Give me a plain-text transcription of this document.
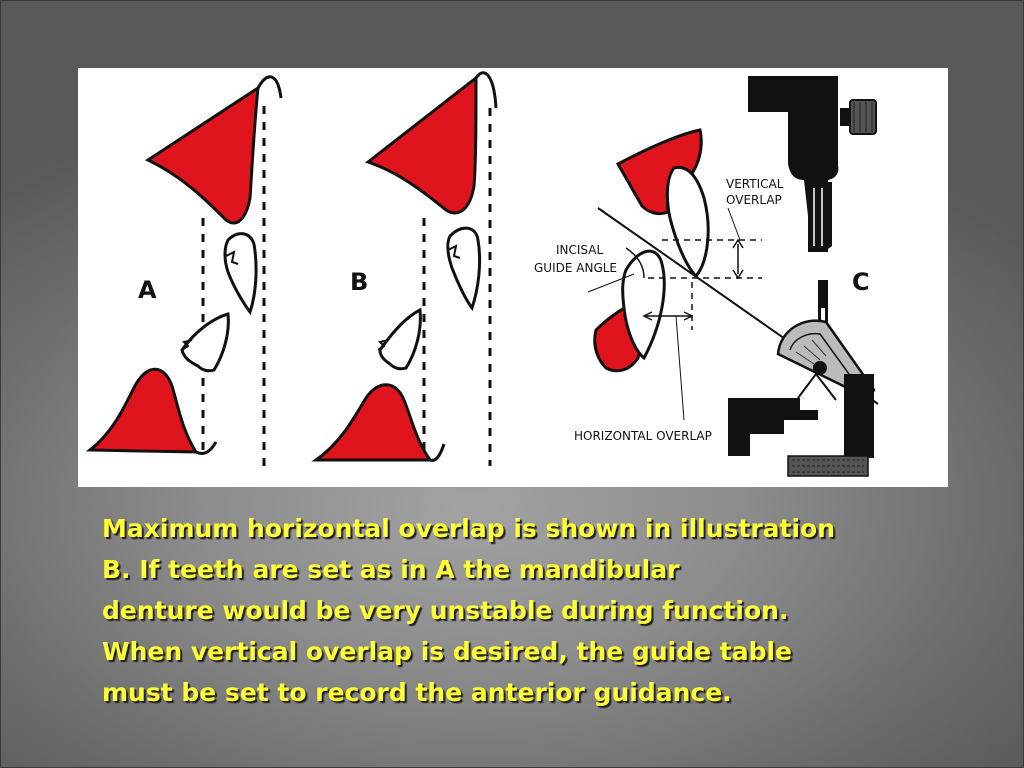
A	B
VERTICAL
OVERLAP
INCISAL
GUIDE ANGLE
HORIZONTAL OVERLAP
C

Maximum horizontal overlap is shown in illustration
B. If teeth are set as in A the mandibular
denture would be very unstable during function.
When vertical overlap is desired, the guide table
must be set to record the anterior guidance.
